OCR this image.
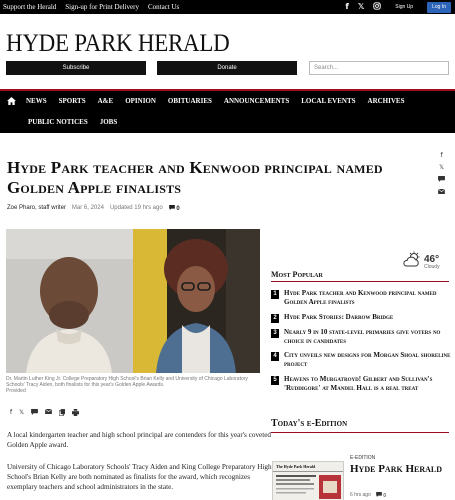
Support the Herald Sign-up for Print Delivery Contact Us	f 𝕏	Sign Up	Log In
HYDE PARK HERALD
Subscribe	Donate	Search...
NEWS	SPORTS	A&E	OPINION	OBITUARIES	ANNOUNCEMENTS	LOCAL EVENTS	ARCHIVES
PUBLIC NOTICES	JOBS
Hyde Park teacher and Kenwood principal named Golden Apple finalists
f
𝕏
Zoe Pharo, staff writer Mar 6, 2024 Updated 19 hrs ago	0
Dr. Martin Luther King Jr. College Preparatory High School's Brian Kelly and University of Chicago Laboratory Schools' Tracy Aiden, both finalists for this year's Golden Apple Awards.
Provided
f 𝕏

A local kindergarten teacher and high school principal are contenders for this year's coveted Golden Apple award.

University of Chicago Laboratory Schools' Tracy Aiden and King College Preparatory High School's Brian Kelly are both nominated as finalists for the award, which recognizes exemplary teachers and school administrators in the state.

46°
Cloudy
Most Popular
1	Hyde Park teacher and Kenwood principal named Golden Apple finalists
2	Hyde Park Stories: Darrow Bridge
3	Nearly 9 in 10 state-level primaries give voters no choice in candidates
4	City unveils new designs for Morgan Shoal shoreline project
5	Heavens to Murgatroyd! Gilbert and Sullivan's 'Ruddigore' at Mandel Hall is a real treat
Today's e-Edition
The Hyde Park Herald
E-EDITION
Hyde Park Herald
6 hrs ago	0
